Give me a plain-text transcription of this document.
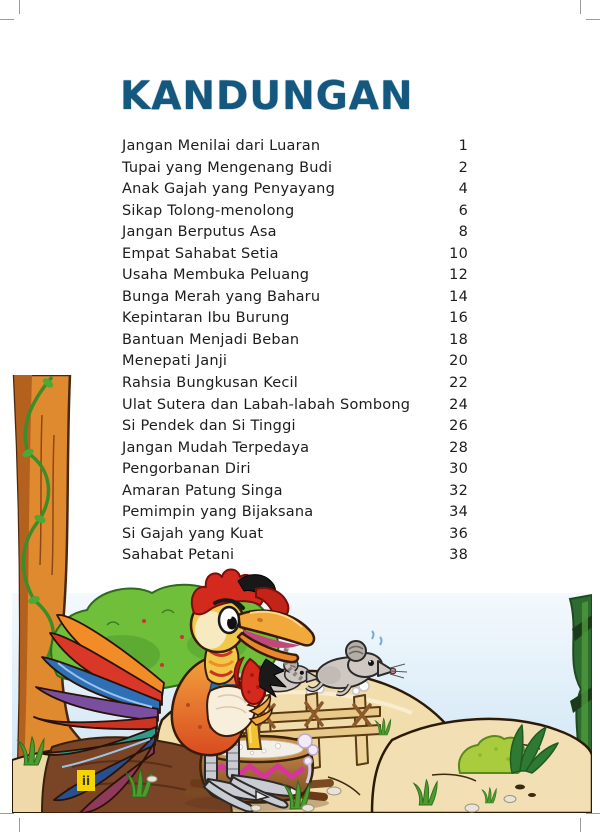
KANDUNGAN
Jangan Menilai dari Luaran	1
Tupai yang Mengenang Budi	2
Anak Gajah yang Penyayang	4
Sikap Tolong-menolong	6
Jangan Berputus Asa	8
Empat Sahabat Setia	10
Usaha Membuka Peluang	12
Bunga Merah yang Baharu	14
Kepintaran Ibu Burung	16
Bantuan Menjadi Beban	18
Menepati Janji	20
Rahsia Bungkusan Kecil	22
Ulat Sutera dan Labah-labah Sombong	24
Si Pendek dan Si Tinggi	26
Jangan Mudah Terpedaya	28
Pengorbanan Diri	30
Amaran Patung Singa	32
Pemimpin yang Bijaksana	34
Si Gajah yang Kuat	36
Sahabat Petani	38
ii
